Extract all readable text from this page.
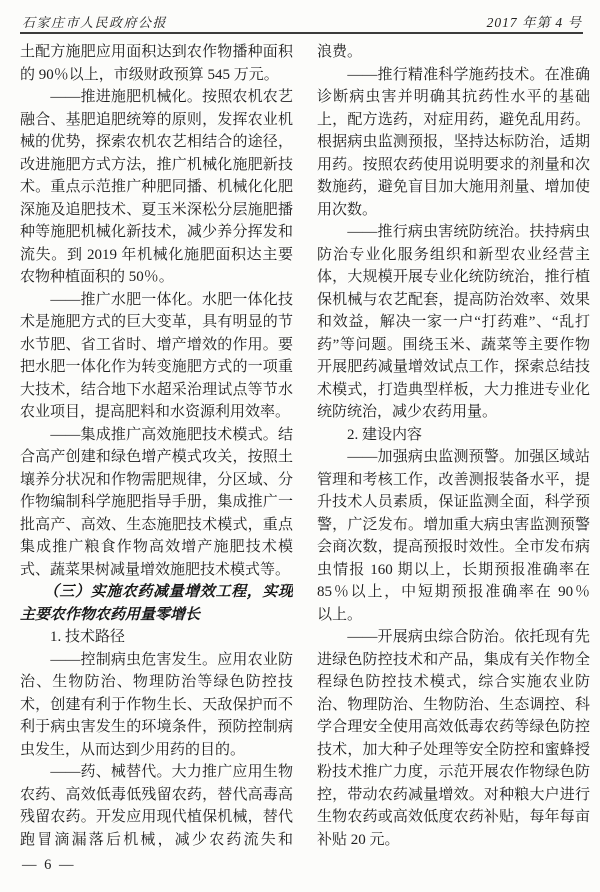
石家庄市人民政府公报	2017 年第 4 号
土配方施肥应用面积达到农作物播种面积
的 90％以上，市级财政预算 545 万元。
　　——推进施肥机械化。按照农机农艺
融合、基肥追肥统筹的原则，发挥农业机
械的优势，探索农机农艺相结合的途径，
改进施肥方式方法，推广机械化施肥新技
术。重点示范推广种肥同播、机械化化肥
深施及追肥技术、夏玉米深松分层施肥播
种等施肥机械化新技术，减少养分挥发和
流失。到 2019 年机械化施肥面积达主要
农物种植面积的 50％。
　　——推广水肥一体化。水肥一体化技
术是施肥方式的巨大变革，具有明显的节
水节肥、省工省时、增产增效的作用。要
把水肥一体化作为转变施肥方式的一项重
大技术，结合地下水超采治理试点等节水
农业项目，提高肥料和水资源利用效率。
　　——集成推广高效施肥技术模式。结
合高产创建和绿色增产模式攻关，按照土
壤养分状况和作物需肥规律，分区域、分
作物编制科学施肥指导手册，集成推广一
批高产、高效、生态施肥技术模式，重点
集成推广粮食作物高效增产施肥技术模
式、蔬菜果树减量增效施肥技术模式等。
　　（三）实施农药减量增效工程，实现
主要农作物农药用量零增长
　　1. 技术路径
　　——控制病虫危害发生。应用农业防
治、生物防治、物理防治等绿色防控技
术，创建有利于作物生长、天敌保护而不
利于病虫害发生的环境条件，预防控制病
虫发生，从而达到少用药的目的。
　　——药、械替代。大力推广应用生物
农药、高效低毒低残留农药，替代高毒高
残留农药。开发应用现代植保机械，替代
跑冒滴漏落后机械，减少农药流失和
浪费。
　　——推行精准科学施药技术。在准确
诊断病虫害并明确其抗药性水平的基础
上，配方选药，对症用药，避免乱用药。
根据病虫监测预报，坚持达标防治，适期
用药。按照农药使用说明要求的剂量和次
数施药，避免盲目加大施用剂量、增加使
用次数。
　　——推行病虫害统防统治。扶持病虫
防治专业化服务组织和新型农业经营主
体，大规模开展专业化统防统治，推行植
保机械与农艺配套，提高防治效率、效果
和效益，解决一家一户“打药难”、“乱打
药”等问题。围绕玉米、蔬菜等主要作物
开展肥药减量增效试点工作，探索总结技
术模式，打造典型样板，大力推进专业化
统防统治，减少农药用量。
　　2. 建设内容
　　——加强病虫监测预警。加强区域站
管理和考核工作，改善测报装备水平，提
升技术人员素质，保证监测全面，科学预
警，广泛发布。增加重大病虫害监测预警
会商次数，提高预报时效性。全市发布病
虫情报 160 期以上，长期预报准确率在
85％以上，中短期预报准确率在 90％
以上。
　　——开展病虫综合防治。依托现有先
进绿色防控技术和产品，集成有关作物全
程绿色防控技术模式，综合实施农业防
治、物理防治、生物防治、生态调控、科
学合理安全使用高效低毒农药等绿色防控
技术，加大种子处理等安全防控和蜜蜂授
粉技术推广力度，示范开展农作物绿色防
控，带动农药减量增效。对种粮大户进行
生物农药或高效低度农药补贴，每年每亩
补贴 20 元。
— 6 —
